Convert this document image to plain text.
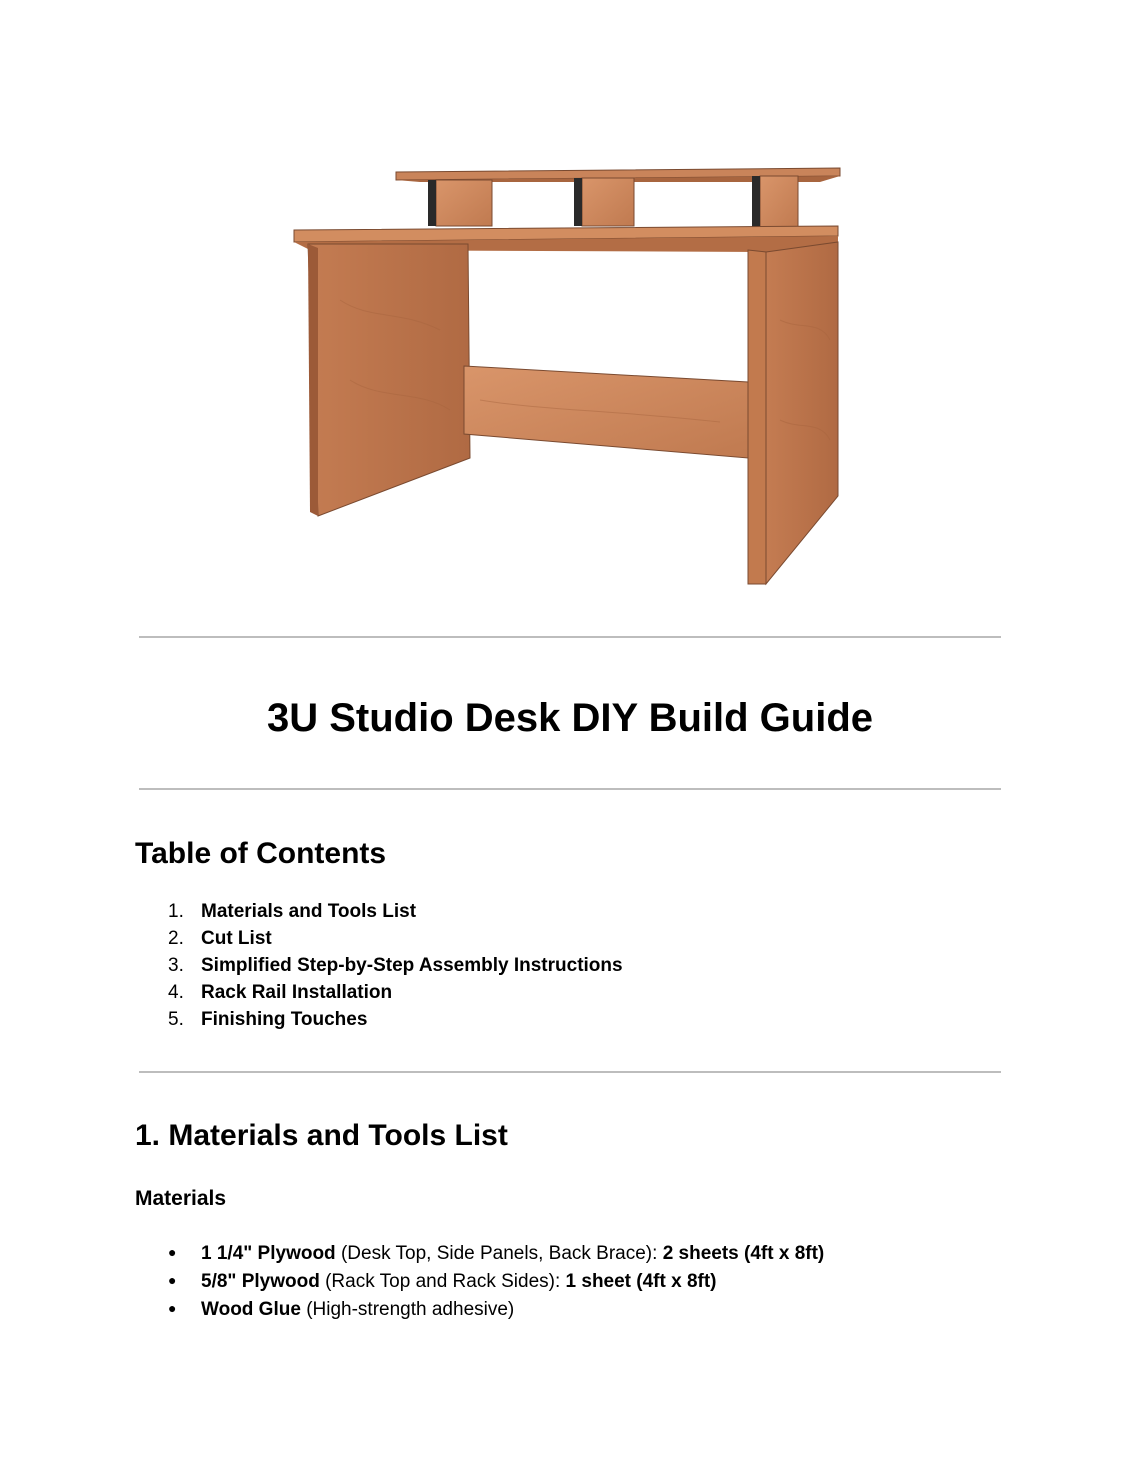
3U Studio Desk DIY Build Guide
Table of Contents
1. Materials and Tools List
2. Cut List
3. Simplified Step-by-Step Assembly Instructions
4. Rack Rail Installation
5. Finishing Touches
1. Materials and Tools List
Materials
● 1 1/4" Plywood (Desk Top, Side Panels, Back Brace): 2 sheets (4ft x 8ft)
● 5/8" Plywood (Rack Top and Rack Sides): 1 sheet (4ft x 8ft)
● Wood Glue (High-strength adhesive)
